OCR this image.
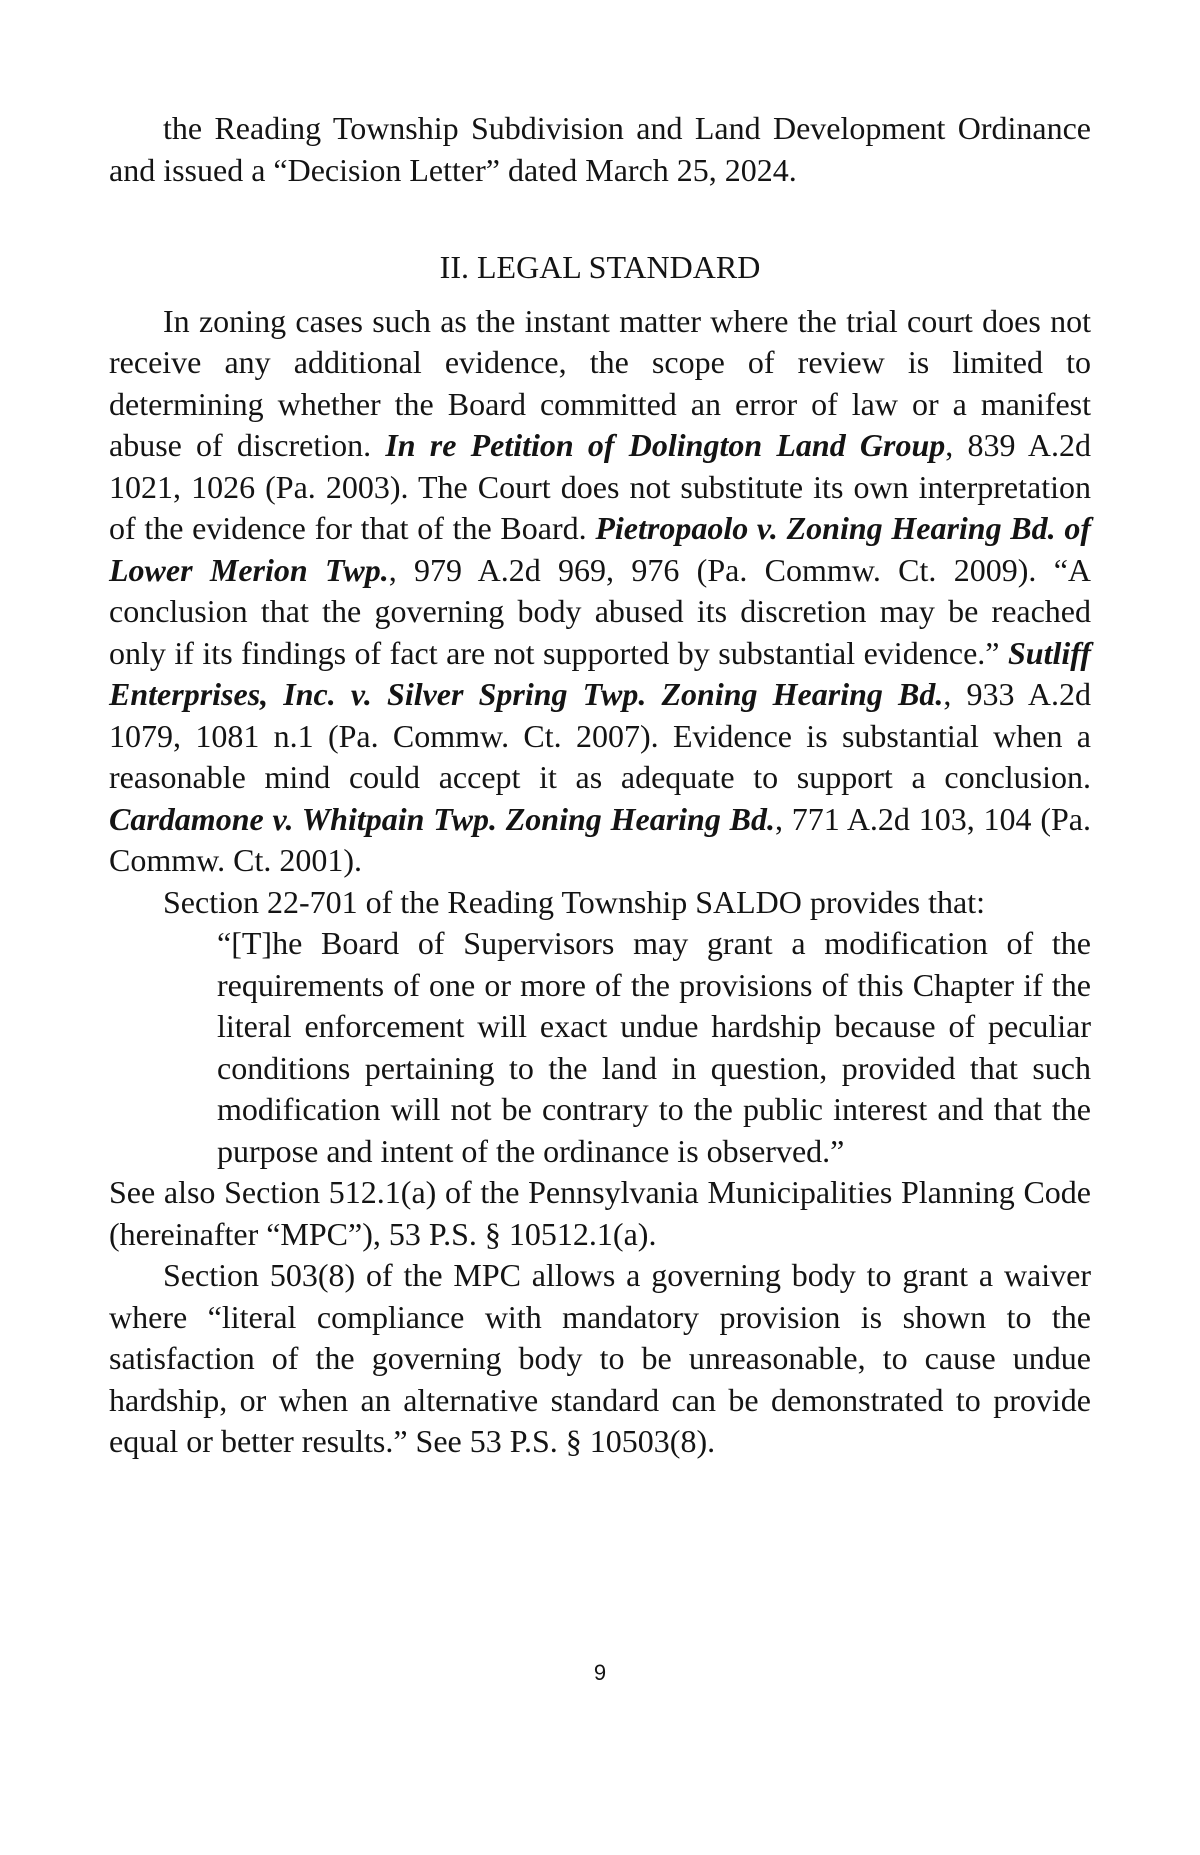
the Reading Township Subdivision and Land Development Ordinance and issued a “Decision Letter” dated March 25, 2024.

II. LEGAL STANDARD

In zoning cases such as the instant matter where the trial court does not receive any additional evidence, the scope of review is limited to determining whether the Board committed an error of law or a manifest abuse of discretion. In re Petition of Dolington Land Group, 839 A.2d 1021, 1026 (Pa. 2003). The Court does not substitute its own interpretation of the evidence for that of the Board. Pietropaolo v. Zoning Hearing Bd. of Lower Merion Twp., 979 A.2d 969, 976 (Pa. Commw. Ct. 2009). “A conclusion that the governing body abused its discretion may be reached only if its findings of fact are not supported by substantial evidence.” Sutliff Enterprises, Inc. v. Silver Spring Twp. Zoning Hearing Bd., 933 A.2d 1079, 1081 n.1 (Pa. Commw. Ct. 2007). Evidence is substantial when a reasonable mind could accept it as adequate to support a conclusion. Cardamone v. Whitpain Twp. Zoning Hearing Bd., 771 A.2d 103, 104 (Pa. Commw. Ct. 2001).

Section 22-701 of the Reading Township SALDO provides that:

“[T]he Board of Supervisors may grant a modification of the requirements of one or more of the provisions of this Chapter if the literal enforcement will exact undue hardship because of peculiar conditions pertaining to the land in question, provided that such modification will not be contrary to the public interest and that the purpose and intent of the ordinance is observed.”

See also Section 512.1(a) of the Pennsylvania Municipalities Planning Code (hereinafter “MPC”), 53 P.S. § 10512.1(a).

Section 503(8) of the MPC allows a governing body to grant a waiver where “literal compliance with mandatory provision is shown to the satisfaction of the governing body to be unreasonable, to cause undue hardship, or when an alternative standard can be demonstrated to provide equal or better results.” See 53 P.S. § 10503(8).

9
